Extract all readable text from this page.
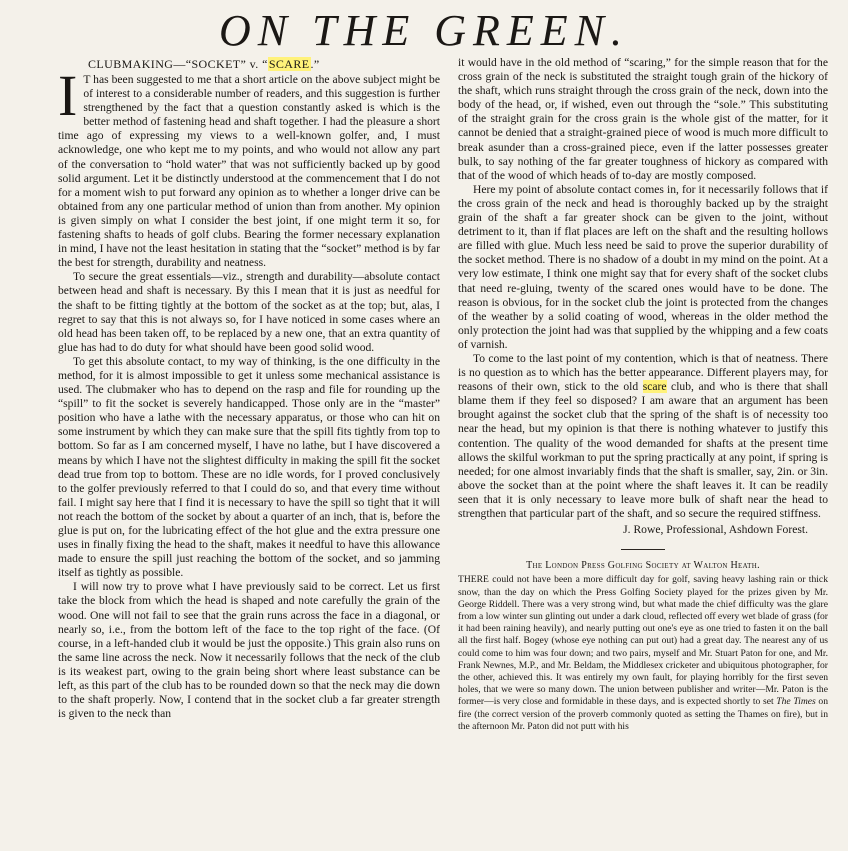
ON THE GREEN.
CLUBMAKING—“SOCKET” v. “SCARE.”

I T has been suggested to me that a short article on the above subject might be of interest to a considerable number of readers, and this suggestion is further strengthened by the fact that a question constantly asked is which is the better method of fastening head and shaft together. I had the pleasure a short time ago of expressing my views to a well-known golfer, and, I must acknowledge, one who kept me to my points, and who would not allow any part of the conversation to “hold water” that was not sufficiently backed up by good solid argument. Let it be distinctly understood at the commencement that I do not for a moment wish to put forward any opinion as to whether a longer drive can be obtained from any one particular method of union than from another. My opinion is given simply on what I consider the best joint, if one might term it so, for fastening shafts to heads of golf clubs. Bearing the former necessary explanation in mind, I have not the least hesitation in stating that the “socket” method is by far the best for strength, durability and neatness.

To secure the great essentials—viz., strength and durability—absolute contact between head and shaft is necessary. By this I mean that it is just as needful for the shaft to be fitting tightly at the bottom of the socket as at the top; but, alas, I regret to say that this is not always so, for I have noticed in some cases where an old head has been taken off, to be replaced by a new one, that an extra quantity of glue has had to do duty for what should have been good solid wood.

To get this absolute contact, to my way of thinking, is the one difficulty in the method, for it is almost impossible to get it unless some mechanical assistance is used. The clubmaker who has to depend on the rasp and file for rounding up the “spill” to fit the socket is severely handicapped. Those only are in the “master” position who have a lathe with the necessary apparatus, or those who can hit on some instrument by which they can make sure that the spill fits tightly from top to bottom. So far as I am concerned myself, I have no lathe, but I have discovered a means by which I have not the slightest difficulty in making the spill fit the socket dead true from top to bottom. These are no idle words, for I proved conclusively to the golfer previously referred to that I could do so, and that every time without fail. I might say here that I find it is necessary to have the spill so tight that it will not reach the bottom of the socket by about a quarter of an inch, that is, before the glue is put on, for the lubricating effect of the hot glue and the extra pressure one uses in finally fixing the head to the shaft, makes it needful to have this allowance made to ensure the spill just reaching the bottom of the socket, and so jamming itself as tightly as possible.

I will now try to prove what I have previously said to be correct. Let us first take the block from which the head is shaped and note carefully the grain of the wood. One will not fail to see that the grain runs across the face in a diagonal, or nearly so, i.e., from the bottom left of the face to the top right of the face. (Of course, in a left-handed club it would be just the opposite.) This grain also runs on the same line across the neck. Now it necessarily follows that the neck of the club is its weakest part, owing to the grain being short where least substance can be left, as this part of the club has to be rounded down so that the neck may die down to the shaft properly. Now, I contend that in the socket club a far greater strength is given to the neck than

it would have in the old method of “scaring,” for the simple reason that for the cross grain of the neck is substituted the straight tough grain of the hickory of the shaft, which runs straight through the cross grain of the neck, down into the body of the head, or, if wished, even out through the “sole.” This substituting of the straight grain for the cross grain is the whole gist of the matter, for it cannot be denied that a straight-grained piece of wood is much more difficult to break asunder than a cross-grained piece, even if the latter possesses greater bulk, to say nothing of the far greater toughness of hickory as compared with that of the wood of which heads of to-day are mostly composed.

Here my point of absolute contact comes in, for it necessarily follows that if the cross grain of the neck and head is thoroughly backed up by the straight grain of the shaft a far greater shock can be given to the joint, without detriment to it, than if flat places are left on the shaft and the resulting hollows are filled with glue. Much less need be said to prove the superior durability of the socket method. There is no shadow of a doubt in my mind on the point. At a very low estimate, I think one might say that for every shaft of the socket clubs that need re-gluing, twenty of the scared ones would have to be done. The reason is obvious, for in the socket club the joint is protected from the changes of the weather by a solid coating of wood, whereas in the older method the only protection the joint had was that supplied by the whipping and a few coats of varnish.

To come to the last point of my contention, which is that of neatness. There is no question as to which has the better appearance. Different players may, for reasons of their own, stick to the old scare club, and who is there that shall blame them if they feel so disposed? I am aware that an argument has been brought against the socket club that the spring of the shaft is of necessity too near the head, but my opinion is that there is nothing whatever to justify this contention. The quality of the wood demanded for shafts at the present time allows the skilful workman to put the spring practically at any point, if spring is needed; for one almost invariably finds that the shaft is smaller, say, 2in. or 3in. above the socket than at the point where the shaft leaves it. It can be readily seen that it is only necessary to leave more bulk of shaft near the head to strengthen that particular part of the shaft, and so secure the required stiffness.

J. Rowe, Professional, Ashdown Forest.
The London Press Golfing Society at Walton Heath.

THERE could not have been a more difficult day for golf, saving heavy lashing rain or thick snow, than the day on which the Press Golfing Society played for the prizes given by Mr. George Riddell. There was a very strong wind, but what made the chief difficulty was the glare from a low winter sun glinting out under a dark cloud, reflected off every wet blade of grass (for it had been raining heavily), and nearly putting out one's eye as one tried to fasten it on the ball all the first half. Bogey (whose eye nothing can put out) had a great day. The nearest any of us could come to him was four down; and two pairs, myself and Mr. Stuart Paton for one, and Mr. Frank Newnes, M.P., and Mr. Beldam, the Middlesex cricketer and ubiquitous photographer, for the other, achieved this. It was entirely my own fault, for playing horribly for the first seven holes, that we were so many down. The union between publisher and writer—Mr. Paton is the former—is very close and formidable in these days, and is expected shortly to set The Times on fire (the correct version of the proverb commonly quoted as setting the Thames on fire), but in the afternoon Mr. Paton did not putt with his
